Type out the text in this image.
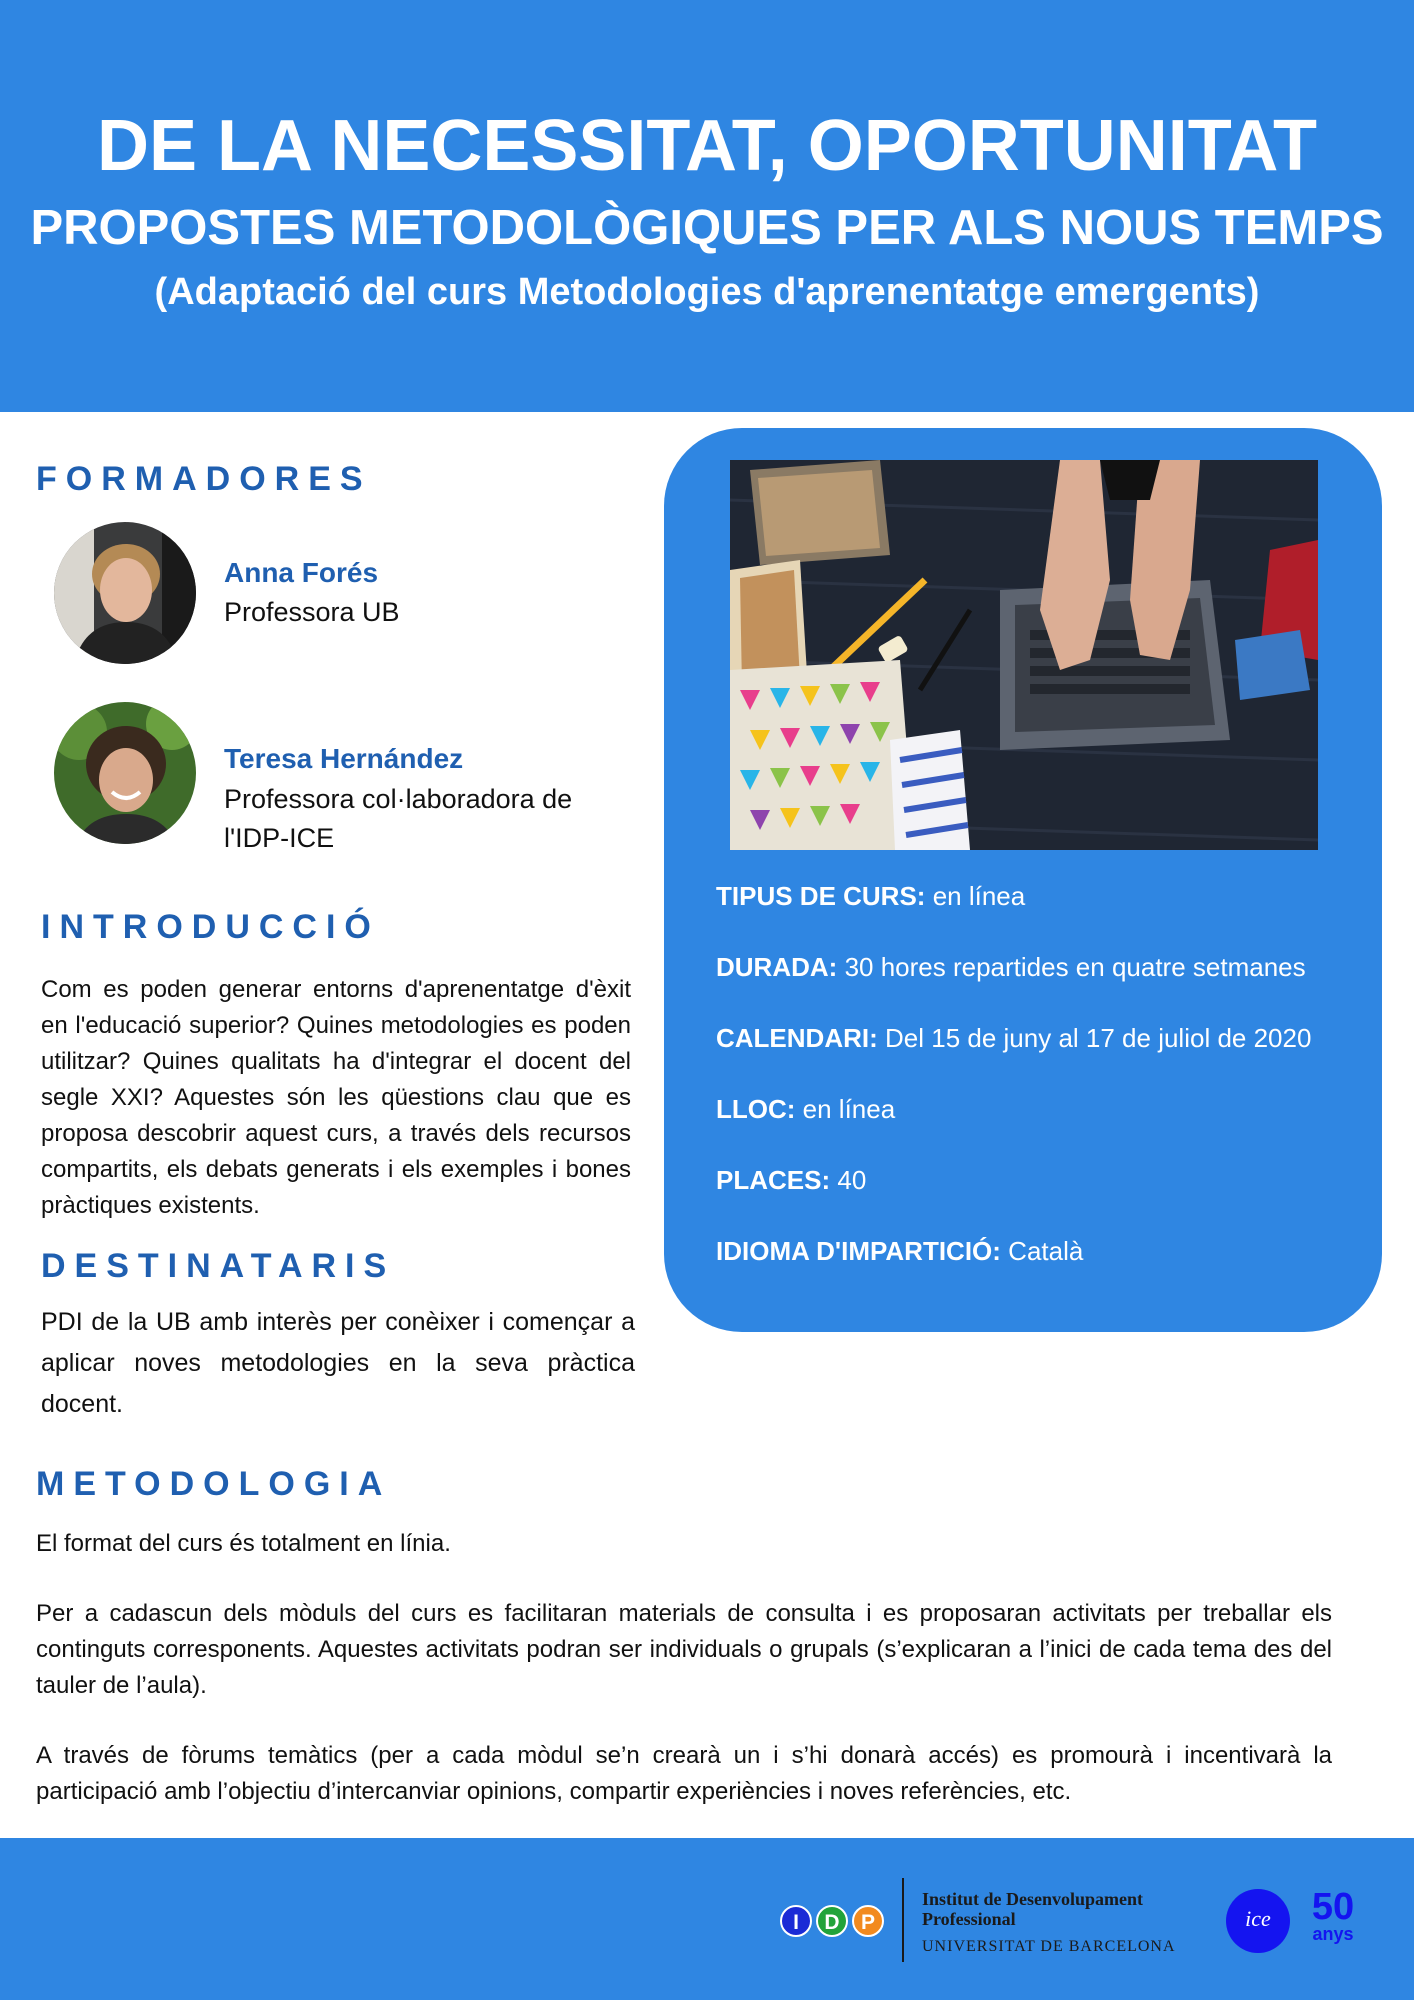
DE LA NECESSITAT, OPORTUNITAT
PROPOSTES METODOLÒGIQUES PER ALS NOUS TEMPS
(Adaptació del curs Metodologies d'aprenentatge emergents)
FORMADORES
Anna Forés
Professora UB
Teresa Hernández
Professora col·laboradora de
l'IDP-ICE
INTRODUCCIÓ
Com es poden generar entorns d'aprenentatge d'èxit en l'educació superior? Quines metodologies es poden utilitzar? Quines qualitats ha d'integrar el docent del segle XXI? Aquestes són les qüestions clau que es proposa descobrir aquest curs, a través dels recursos compartits, els debats generats i els exemples i bones pràctiques existents.
DESTINATARIS
PDI de la UB amb interès per conèixer i començar a aplicar noves metodologies en la seva pràctica docent.
TIPUS DE CURS: en línea
DURADA: 30 hores repartides en quatre setmanes
CALENDARI: Del 15 de juny al 17 de juliol de 2020
LLOC: en línea
PLACES: 40
IDIOMA D'IMPARTICIÓ: Català
METODOLOGIA
El format del curs és totalment en línia.
Per a cadascun dels mòduls del curs es facilitaran materials de consulta i es proposaran activitats per treballar els continguts corresponents. Aquestes activitats podran ser individuals o grupals (s’explicaran a l’inici de cada tema des del tauler de l’aula).
A través de fòrums temàtics (per a cada mòdul se’n crearà un i s’hi donarà accés) es promourà i incentivarà la participació amb l’objectiu d’intercanviar opinions, compartir experiències i noves referències, etc.
I	D	P
Institut de Desenvolupament
Professional
UNIVERSITAT DE BARCELONA
ice	50
anys
